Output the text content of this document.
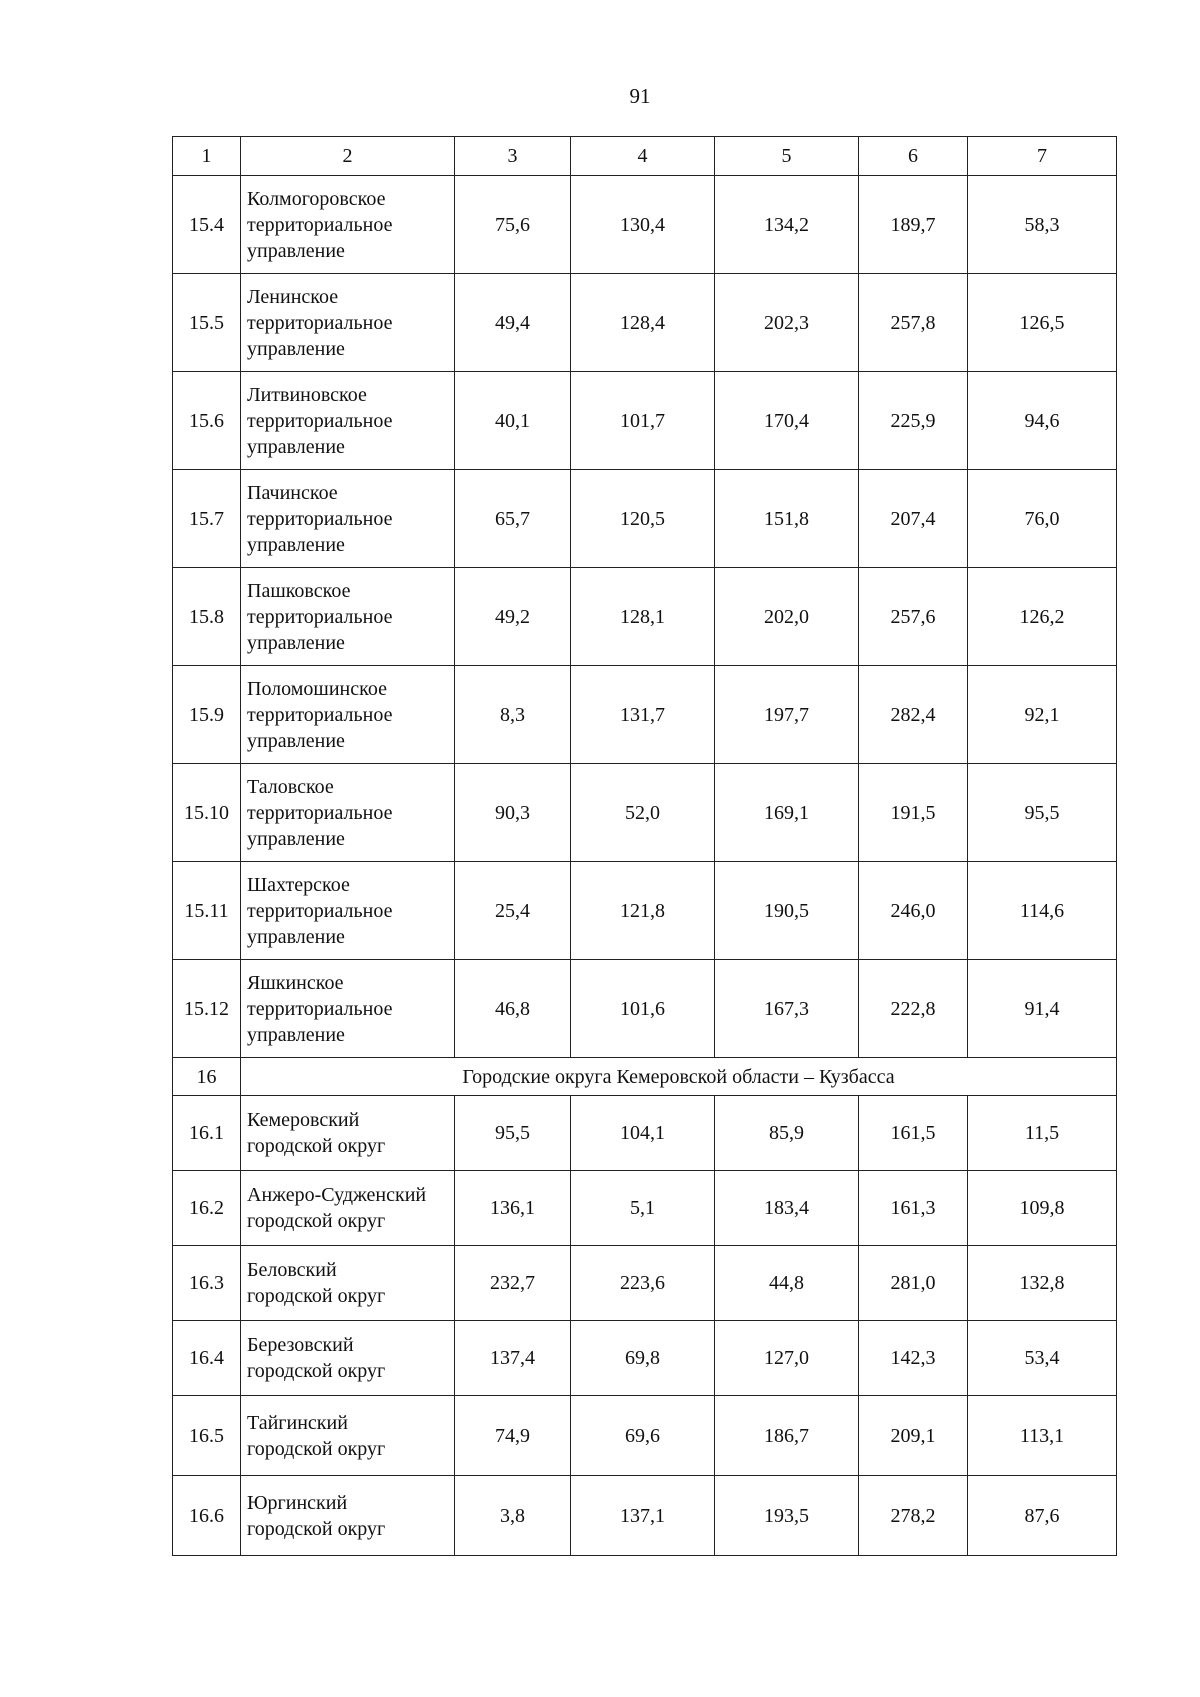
91
1	2	3	4	5	6	7
15.4	Колмогоровское
территориальное
управление	75,6	130,4	134,2	189,7	58,3
15.5	Ленинское
территориальное
управление	49,4	128,4	202,3	257,8	126,5
15.6	Литвиновское
территориальное
управление	40,1	101,7	170,4	225,9	94,6
15.7	Пачинское
территориальное
управление	65,7	120,5	151,8	207,4	76,0
15.8	Пашковское
территориальное
управление	49,2	128,1	202,0	257,6	126,2
15.9	Поломошинское
территориальное
управление	8,3	131,7	197,7	282,4	92,1
15.10	Таловское
территориальное
управление	90,3	52,0	169,1	191,5	95,5
15.11	Шахтерское
территориальное
управление	25,4	121,8	190,5	246,0	114,6
15.12	Яшкинское
территориальное
управление	46,8	101,6	167,3	222,8	91,4
16	Городские округа Кемеровской области – Кузбасса					
16.1	Кемеровский
городской округ	95,5	104,1	85,9	161,5	11,5
16.2	Анжеро-Судженский
городской округ	136,1	5,1	183,4	161,3	109,8
16.3	Беловский
городской округ	232,7	223,6	44,8	281,0	132,8
16.4	Березовский
городской округ	137,4	69,8	127,0	142,3	53,4
16.5	Тайгинский
городской округ	74,9	69,6	186,7	209,1	113,1
16.6	Юргинский
городской округ	3,8	137,1	193,5	278,2	87,6
